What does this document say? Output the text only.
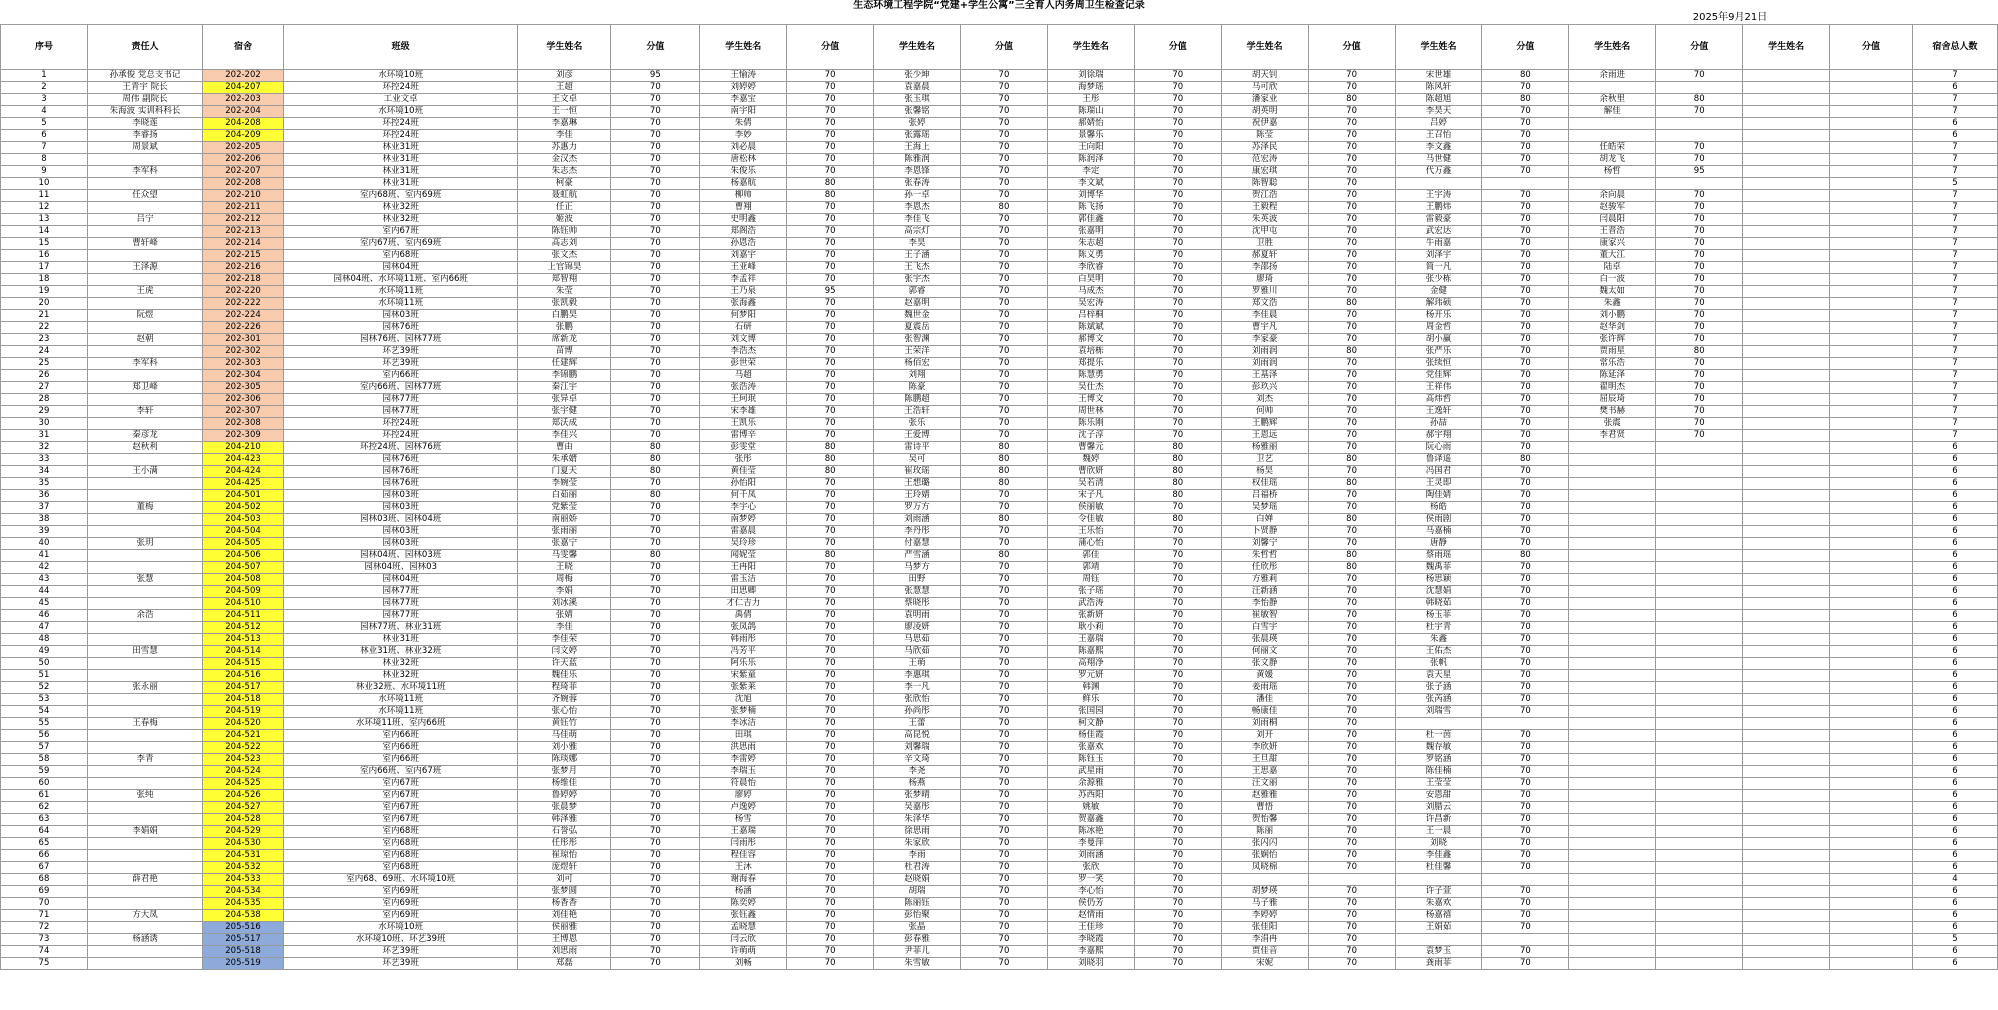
生态环境工程学院“党建+学生公寓”三全育人内务周卫生检查记录
2025年9月21日
序号	责任人	宿舍	班级	学生姓名	分值	学生姓名	分值	学生姓名	分值	学生姓名	分值	学生姓名	分值	学生姓名	分值	学生姓名	分值	学生姓名	分值	宿舍总人数
1	孙承俊 党总支书记	202-202	水环境10班	刘彦	95	王愉涛	70	张少坤	70	刘徐瑞	70	胡天钊	70	宋世雄	80	余雨进	70			7
2	王青宇 院长	204-207	环控24班	王超	70	刘婷婷	70	袁嘉晨	70	海梦瑶	70	马可欣	70	陈风轩	70					6
3	周伟 副院长	202-203	工业文卓	王文卓	70	李嘉宝	70	张玉琪	70	王彤	70	潘家业	80	陈超旭	80	余秋里	80			7
4	朱海波 实训科科长	202-204	水环境10班	王一恒	70	南宇阳	70	张馨铭	70	陈瑞山	70	胡英明	70	李昊天	70	解佳	70			7
5	李晓莲	204-208	环控24班	李嘉琳	70	朱倩	70	张婷	70	郝婧怡	70	祝伊嘉	70	吕婷	70					6
6	李睿扬	204-209	环控24班	李佳	70	李妙	70	张露瑶	70	景馨乐	70	陈莹	70	王召怡	70					6
7	周景斌	202-205	林业31班	苏惠力	70	刘必晨	70	王海上	70	王向阳	70	苏泽民	70	李文鑫	70	任皓荣	70			7
8		202-206	林业31班	金汉杰	70	唐松林	70	陈雅润	70	陈润泽	70	范宏涛	70	马世健	70	胡龙飞	70			7
9	李军科	202-207	林业31班	朱志杰	70	朱俊乐	70	李恩锋	70	李定	70	康宏琪	70	代万鑫	70	杨哲	95			7
10		202-208	林业31班	柯豪	70	杨嘉航	80	张春涛	70	李文斌	70	陈智聪	70							5
11	任众望	202-210	室内68班、室内69班	聂虹航	70	柳帅	80	孙一卓	70	刘博华	70	贺江浩	70	王宇涛	70	余向晨	70			7
12		202-211	林业32班	任正	70	曹翔	70	李恩杰	80	陈飞扬	70	王毅程	70	王鹏炜	70	赵骏军	70			7
13	吕宁	202-212	林业32班	姬波	70	史明鑫	70	李佳飞	70	郭佳鑫	70	朱英波	70	雷毅豪	70	闫晨阳	70			7
14		202-213	室内67班	陈钰帅	70	郑阁浩	70	高宗灯	70	张嘉明	70	沈甲屯	70	武宏达	70	王晋浩	70			7
15	曹轩峰	202-214	室内67班、室内69班	高志刘	70	孙恩浩	70	李昊	70	朱志超	70	卫胜	70	牛雨嘉	70	康家兴	70			7
16		202-215	室内68班	张文杰	70	刘嘉宇	70	王子涵	70	陈义勇	70	郝夏轩	70	刘泽宇	70	董大江	70			7
17	王泽源	202-216	园林04班	上官锦昊	70	王亚峰	70	王飞杰	70	李欣睿	70	李邵扬	70	简一凡	70	陆卓	70			7
18		202-218	园林04班、水环境11班、室内66班	郑智翔	70	李孟祥	70	张宇杰	70	白昊明	70	廖琦	70	张少栋	70	白一波	70			7
19	王虎	202-220	水环境11班	朱莹	70	王乃泉	95	郭睿	70	马成杰	70	罗雅川	70	金健	70	魏太如	70			7
20		202-222	水环境11班	张凯毅	70	张海鑫	70	赵嘉明	70	吴宏涛	70	郑文浩	80	解玮硕	70	朱鑫	70			7
21	阮煜	202-224	园林03班	白鹏昊	70	何梦阳	70	魏世金	70	吕梓桐	70	李佳晨	70	杨开乐	70	刘小鹏	70			7
22		202-226	园林76班	张鹏	70	石研	70	夏震岳	70	陈斌斌	70	曹宇凡	70	周金哲	70	赵华剑	70			7
23	赵朝	202-301	园林76班、园林77班	席新龙	70	刘文博	70	张智渊	70	郝博文	70	李家豪	70	胡小赢	70	张许辉	70			7
24		202-302	环艺39班	苗博	70	李浩杰	70	王荣洋	70	袁培栋	70	刘雨润	80	张严乐	70	贾雨星	80			7
25	李军科	202-303	环艺39班	任建辉	70	彭世荣	70	杨佰宏	70	郑提乐	70	刘雨润	70	张续恒	70	常乐浩	70			7
26		202-304	室内66班	李锦鹏	70	马超	70	刘翔	70	陈慧勇	70	王基泽	70	党佳辉	70	陈延泽	70			7
27	郑卫峰	202-305	室内66班、园林77班	秦江宇	70	张浩涛	70	陈豪	70	吴仕杰	70	彭玖兴	70	王祥伟	70	翟明杰	70			7
28		202-306	园林77班	张异卓	70	王珂珉	70	陈鹏超	70	王博文	70	刘杰	70	高炜哲	70	屈辰琦	70			7
29	李轩	202-307	园林77班	张宇健	70	宋李雄	70	王浩轩	70	周世林	70	何帅	70	王逸轩	70	樊书赫	70			7
30		202-308	环控24班	郑沃成	70	王凯乐	70	张乐	70	陈乐刚	70	王鹏辉	70	孙喆	70	张震	70			7
31	秦彦龙	202-309	环控24班	李佳兴	70	雷博辛	70	王爱博	70	沈子淳	70	王恩远	70	郝宇翔	70	李君贤	70			7
32	赵秋利	204-210	环控24班、园林76班	曹由	80	彭雯堂	80	雷诗平	80	曹馨元	80	杨雅丽	70	阮心雨	70					6
33		204-423	园林76班	朱承婿	80	张彤	80	吴可	80	魏婷	80	卫艺	80	鲁译遥	80					6
34	王小满	204-424	园林76班	门夏天	80	黄佳莹	80	崔玫瑶	80	曹欣妍	80	杨昊	70	冯国君	70					6
35		204-425	园林76班	李婉莹	70	孙怡阳	70	王想璐	80	吴若清	80	权佳瑶	80	王灵即	70					6
36		204-501	园林03班	白茹丽	80	何千凤	70	王玲婧	70	宋子凡	80	吕福桥	70	陶佳婧	70					6
37	董梅	204-502	园林03班	党紫莹	70	李宇心	70	罗万方	70	侯丽敏	70	吴梦瑶	70	杨皓	70					6
38		204-503	园林03班、园林04班	南丽娇	70	南梦婷	70	刘雨涵	80	令佳敏	80	白婵	80	侯雨剧	70					6
39		204-504	园林03班	张雨丽	70	雷嘉晨	70	李丹彤	70	王乐怡	70	卜贤静	70	马嘉楠	70					6
40	张玥	204-505	园林03班	张嘉宁	70	吴玲珍	70	付嘉慧	70	蒲心怡	70	刘馨宁	70	唐静	70					6
41		204-506	园林04班、园林03班	马雯馨	80	闻妮莹	80	严雪涵	80	郭佳	70	朱哲哲	80	蔡雨瑶	80					6
42		204-507	园林04班、园林03	王晓	70	王冉阳	70	马梦方	70	郭靖	70	任欣彤	80	魏禹菲	70					6
43	张慧	204-508	园林04班	周梅	70	雷玉洁	70	田野	70	周钰	70	方雅莉	70	杨思颖	70					6
44		204-509	园林77班	李娟	70	田思卿	70	张慧慧	70	张子瑶	70	汪新涵	70	沈慧娟	70					6
45		204-510	园林77班	刘冰溪	70	才仁吉力	70	蔡晓彤	70	武浩涛	70	李怡静	70	韩晓茹	70					6
46	余浩	204-511	园林77班	张婧	70	禹倩	70	袁明雨	70	张新妍	70	崔敏智	70	杨玉菲	70					6
47		204-512	园林77班、林业31班	李佳	70	张凤鸽	70	廖凌妍	70	耿小莉	70	白雪宇	70	杜宇青	70					6
48		204-513	林业31班	李佳荣	70	韩雨彤	70	马思茹	70	王嘉瑞	70	张晨瑛	70	朱鑫	70					6
49	田雪慧	204-514	林业31班、林业32班	闫文婷	70	冯芳平	70	马欣茹	70	陈嘉熙	70	何丽文	70	王佑杰	70					6
50		204-515	林业32班	许天蓝	70	阿乐乐	70	王萌	70	高翔净	70	张文静	70	张帆	70					6
51		204-516	林业32班	魏佳乐	70	宋紫童	70	李惠琪	70	罗元妍	70	黄媛	70	袁天星	70					6
52	张永丽	204-517	林业32班、水环境11班	程琦菲	70	张紫莱	70	李一凡	70	韩渊	70	姜雨瑶	70	张子涵	70					6
53		204-518	水环境11班	齐婉蓉	70	沈旭	70	张欣怡	70	鲜乐	70	潘佳	70	张芮涵	70					6
54		204-519	水环境11班	张心怡	70	张梦楠	70	孙尚彤	70	张国园	70	畅康佳	70	刘瑞雪	70					6
55	王春梅	204-520	水环境11班、室内66班	黄钰竹	70	李冰洁	70	王蕾	70	柯文静	70	刘雨桐	70							6
56		204-521	室内66班	马佳萌	70	田琪	70	高昆悦	70	杨佳霞	70	刘开	70	杜一茵	70					6
57		204-522	室内66班	刘小雅	70	洪思雨	70	刘馨瑞	70	张嘉欢	70	李欣妍	70	魏存敏	70					6
58	李青	204-523	室内66班	陈琰娜	70	李雷婷	70	辛文琦	70	陈钰玉	70	王旦甜	70	罗铭涵	70					6
59		204-524	室内66班、室内67班	张梦月	70	李瑞玉	70	李尧	70	武星雨	70	王思嘉	70	陈佳楠	70					6
60		204-525	室内67班	杨维佳	70	符晨怡	70	杨燕	70	余源雅	70	汪文丽	70	王莹莹	70					6
61	张纯	204-526	室内67班	鲁婷婷	70	廖婷	70	张梦晴	70	苏西阳	70	赵雅雅	70	安恩甜	70					6
62		204-527	室内67班	张晨梦	70	卢逸婷	70	吴嘉彤	70	姚敏	70	曹悟	70	刘腊云	70					6
63		204-528	室内67班	韩泽雅	70	杨雪	70	朱泽华	70	贺嘉鑫	70	贺怡馨	70	许昌新	70					6
64	李娟娟	204-529	室内68班	石誉弘	70	王嘉瑞	70	徐思雨	70	陈冰艳	70	陈丽	70	王一晨	70					6
65		204-530	室内68班	任彤彤	70	闫雨彤	70	朱家欣	70	李曼萍	70	张闪闪	70	刘晓	70					6
66		204-531	室内68班	崔琼怡	70	程佳容	70	李雨	70	刘雨涵	70	张娴怡	70	李佳鑫	70					6
67		204-532	室内68班	庞煜轩	70	王沐	70	杜君涛	70	张欣	70	凤晓棉	70	杜佳馨	70					6
68	薛君艳	204-533	室内68、69班、水环境10班	刘可	70	谢海春	70	赵晓娟	70	罗一笑	70									4
69		204-534	室内69班	张梦圆	70	杨涵	70	胡瑞	70	李心怡	70	胡梦瑛	70	许子萱	70					6
70		204-535	室内69班	杨香香	70	陈奕婷	70	陈丽钰	70	侯仍芳	70	马子雅	70	朱嘉欢	70					6
71	方大凤	204-538	室内69班	刘佳艳	70	张钰鑫	70	彭怡聚	70	赵情雨	70	李婷婷	70	杨嘉禧	70					6
72		205-516	水环境10班	侯丽雅	70	孟晓慧	70	张晶	70	王佳珍	70	张佳阳	70	王娟茹	70					6
73	杨涵诱	205-517	水环境10班、环艺39班	王博恩	70	闫云欣	70	彭春雅	70	李晓霞	70	李涓冉	70							5
74		205-518	环艺39班	刘思雨	70	许萌萌	70	尹菲儿	70	李嘉熙	70	贾佳音	70	袁梦玉	70					6
75		205-519	环艺39班	郑磊	70	刘畅	70	朱雪敏	70	刘晓羽	70	宋妮	70	龚雨菲	70					6
